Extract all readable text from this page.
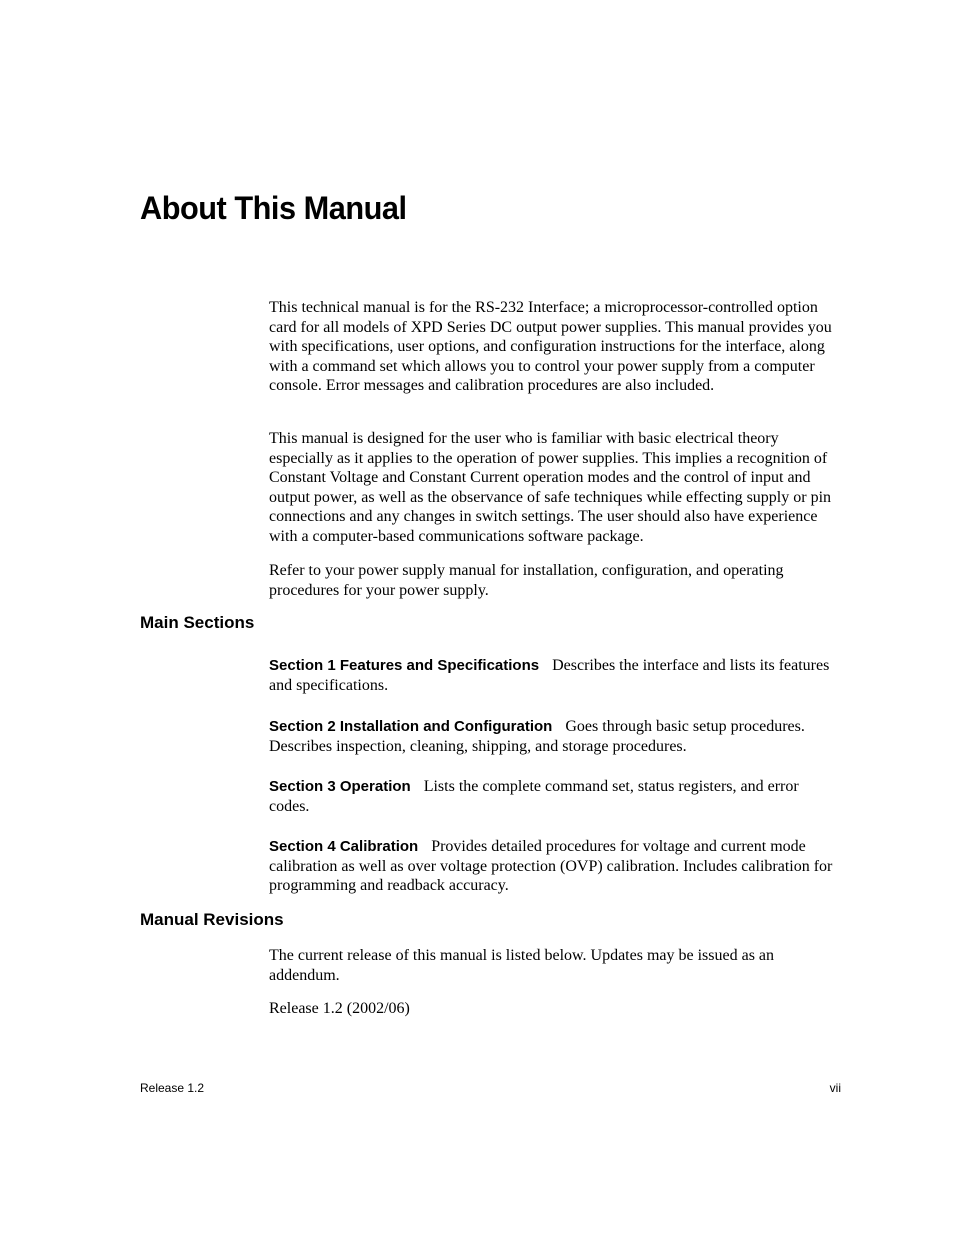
About This Manual

This technical manual is for the RS-232 Interface; a microprocessor-controlled option card for all models of XPD Series DC output power supplies. This manual provides you with specifications, user options, and configuration instructions for the interface, along with a command set which allows you to control your power supply from a computer console. Error messages and calibration procedures are also included.

This manual is designed for the user who is familiar with basic electrical theory especially as it applies to the operation of power supplies. This implies a recognition of Constant Voltage and Constant Current operation modes and the control of input and output power, as well as the observance of safe techniques while effecting supply or pin connections and any changes in switch settings. The user should also have experience with a computer-based communications software package.

Refer to your power supply manual for installation, configuration, and operating procedures for your power supply.

Main Sections

Section 1 Features and Specifications Describes the interface and lists its features and specifications.

Section 2 Installation and Configuration Goes through basic setup procedures. Describes inspection, cleaning, shipping, and storage procedures.

Section 3 Operation Lists the complete command set, status registers, and error codes.

Section 4 Calibration Provides detailed procedures for voltage and current mode calibration as well as over voltage protection (OVP) calibration. Includes calibration for programming and readback accuracy.

Manual Revisions

The current release of this manual is listed below. Updates may be issued as an addendum.

Release 1.2 (2002/06)

Release 1.2	vii
